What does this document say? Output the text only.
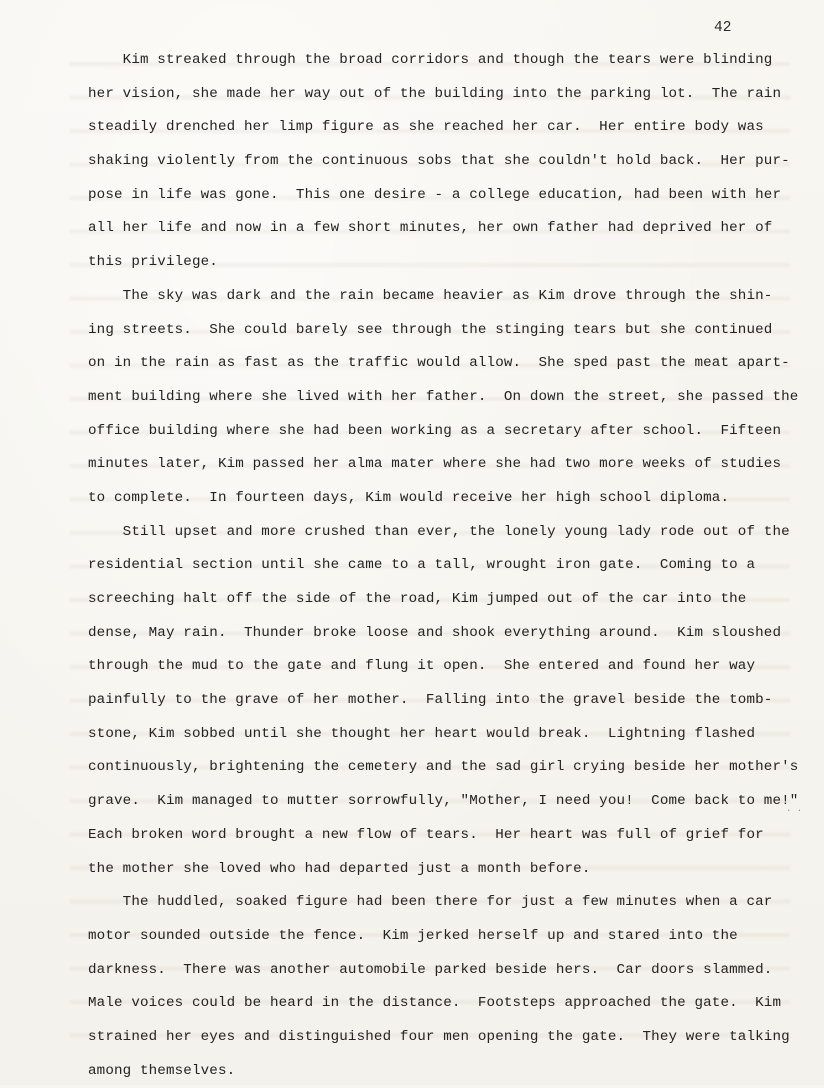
42
Kim streaked through the broad corridors and though the tears were blinding
her vision, she made her way out of the building into the parking lot.  The rain
steadily drenched her limp figure as she reached her car.  Her entire body was
shaking violently from the continuous sobs that she couldn't hold back.  Her pur-
pose in life was gone.  This one desire - a college education, had been with her
all her life and now in a few short minutes, her own father had deprived her of
this privilege.
The sky was dark and the rain became heavier as Kim drove through the shin-
ing streets.  She could barely see through the stinging tears but she continued
on in the rain as fast as the traffic would allow.  She sped past the meat apart-
ment building where she lived with her father.  On down the street, she passed the
office building where she had been working as a secretary after school.  Fifteen
minutes later, Kim passed her alma mater where she had two more weeks of studies
to complete.  In fourteen days, Kim would receive her high school diploma.
Still upset and more crushed than ever, the lonely young lady rode out of the
residential section until she came to a tall, wrought iron gate.  Coming to a
screeching halt off the side of the road, Kim jumped out of the car into the
dense, May rain.  Thunder broke loose and shook everything around.  Kim sloushed
through the mud to the gate and flung it open.  She entered and found her way
painfully to the grave of her mother.  Falling into the gravel beside the tomb-
stone, Kim sobbed until she thought her heart would break.  Lightning flashed
continuously, brightening the cemetery and the sad girl crying beside her mother's
grave.  Kim managed to mutter sorrowfully, "Mother, I need you!  Come back to me!"
Each broken word brought a new flow of tears.  Her heart was full of grief for
the mother she loved who had departed just a month before.
The huddled, soaked figure had been there for just a few minutes when a car
motor sounded outside the fence.  Kim jerked herself up and stared into the
darkness.  There was another automobile parked beside hers.  Car doors slammed.
Male voices could be heard in the distance.  Footsteps approached the gate.  Kim
strained her eyes and distinguished four men opening the gate.  They were talking
among themselves.
· ·
